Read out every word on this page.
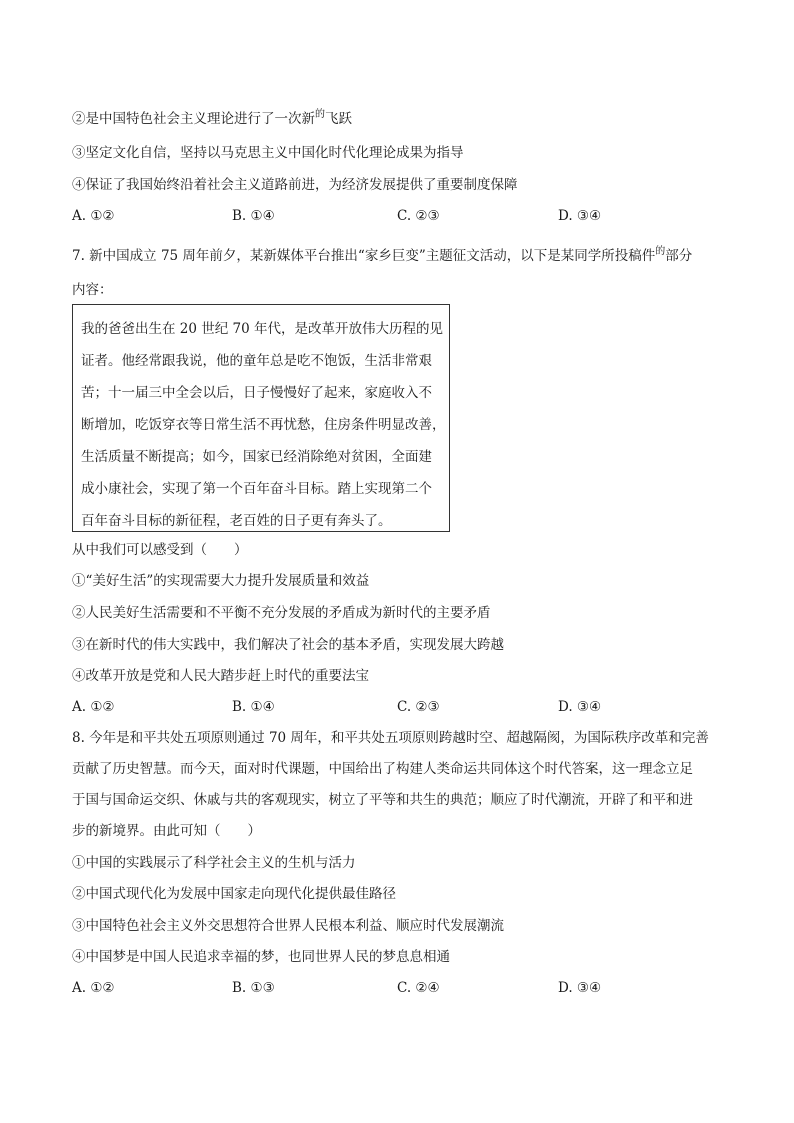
②是中国特色社会主义理论进行了一次新$^的$飞跃
③坚定文化自信，坚持以马克思主义中国化时代化理论成果为指导
④保证了我国始终沿着社会主义道路前进，为经济发展提供了重要制度保障
A. ①②	B. ①④	C. ②③	D. ③④
7. 新中国成立 75 周年前夕，某新媒体平台推出“家乡巨变”主题征文活动，以下是某同学所投稿件$^的$部分
内容：
我的爸爸出生在 20 世纪 70 年代，是改革开放伟大历程的见
证者。他经常跟我说，他的童年总是吃不饱饭，生活非常艰
苦；十一届三中全会以后，日子慢慢好了起来，家庭收入不
断增加，吃饭穿衣等日常生活不再忧愁，住房条件明显改善，
生活质量不断提高；如今，国家已经消除绝对贫困，全面建
成小康社会，实现了第一个百年奋斗目标。踏上实现第二个
百年奋斗目标的新征程，老百姓的日子更有奔头了。
从中我们可以感受到（　　）
①“美好生活”的实现需要大力提升发展质量和效益
②人民美好生活需要和不平衡不充分发展的矛盾成为新时代的主要矛盾
③在新时代的伟大实践中，我们解决了社会的基本矛盾，实现发展大跨越
④改革开放是党和人民大踏步赶上时代的重要法宝
A. ①②	B. ①④	C. ②③	D. ③④
8. 今年是和平共处五项原则通过 70 周年，和平共处五项原则跨越时空、超越隔阂，为国际秩序改革和完善
贡献了历史智慧。而今天，面对时代课题，中国给出了构建人类命运共同体这个时代答案，这一理念立足
于国与国命运交织、休戚与共的客观现实，树立了平等和共生的典范；顺应了时代潮流，开辟了和平和进
步的新境界。由此可知（　　）
①中国的实践展示了科学社会主义的生机与活力
②中国式现代化为发展中国家走向现代化提供最佳路径
③中国特色社会主义外交思想符合世界人民根本利益、顺应时代发展潮流
④中国梦是中国人民追求幸福的梦，也同世界人民的梦息息相通
A. ①②	B. ①③	C. ②④	D. ③④
